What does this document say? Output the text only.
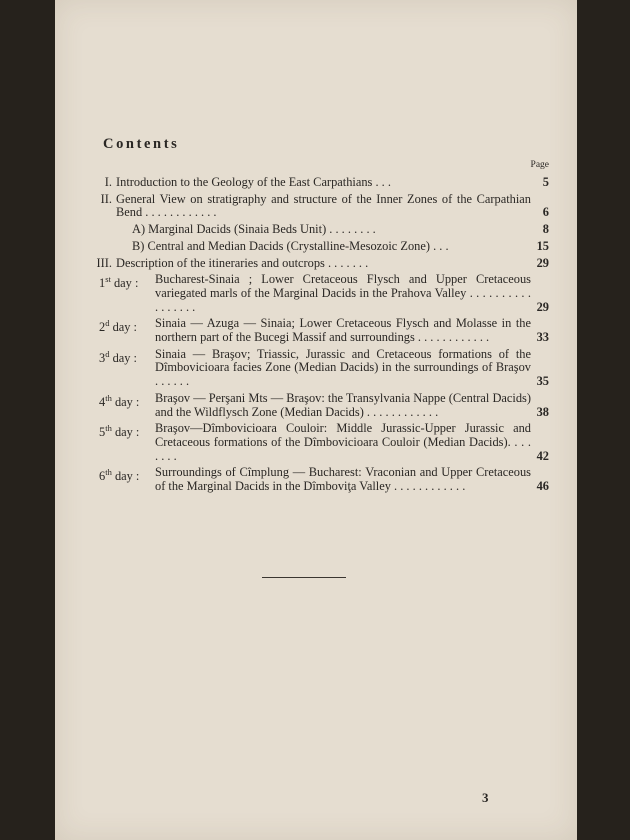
Contents
Page
I. Introduction to the Geology of the East Carpathians . . .	5
II. General View on stratigraphy and structure of the Inner Zones of the Carpathian Bend . . . . . . . . . . . .	6
A) Marginal Dacids (Sinaia Beds Unit) . . . . . . . .	8
B) Central and Median Dacids (Crystalline-Mesozoic Zone) . . .	15
III. Description of the itineraries and outcrops . . . . . . .	29
1st day :	Bucharest-Sinaia ; Lower Cretaceous Flysch and Upper Cretaceous variegated marls of the Marginal Dacids in the Prahova Valley . . . . . . . . . . . . . . . . .	29
2$^d$ day :	Sinaia — Azuga — Sinaia; Lower Cretaceous Flysch and Molasse in the northern part of the Bucegi Massif and surroundings . . . . . . . . . . . .	33
3$^d$ day :	Sinaia — Braşov; Triassic, Jurassic and Cretaceous formations of the Dîmbovicioara facies Zone (Median Dacids) in the surroundings of Braşov . . . . . .	35
4th day :	Braşov — Perşani Mts — Braşov: the Transylvania Nappe (Central Dacids) and the Wildflysch Zone (Median Dacids) . . . . . . . . . . . .	38
5th day :	Braşov—Dîmbovicioara Couloir: Middle Jurassic-Upper Jurassic and Cretaceous formations of the Dîmbovicioara Couloir (Median Dacids). . . . . . . .	42
6th day :	Surroundings of Cîmplung — Bucharest: Vraconian and Upper Cretaceous of the Marginal Dacids in the Dîmboviţa Valley . . . . . . . . . . . .	46
3
